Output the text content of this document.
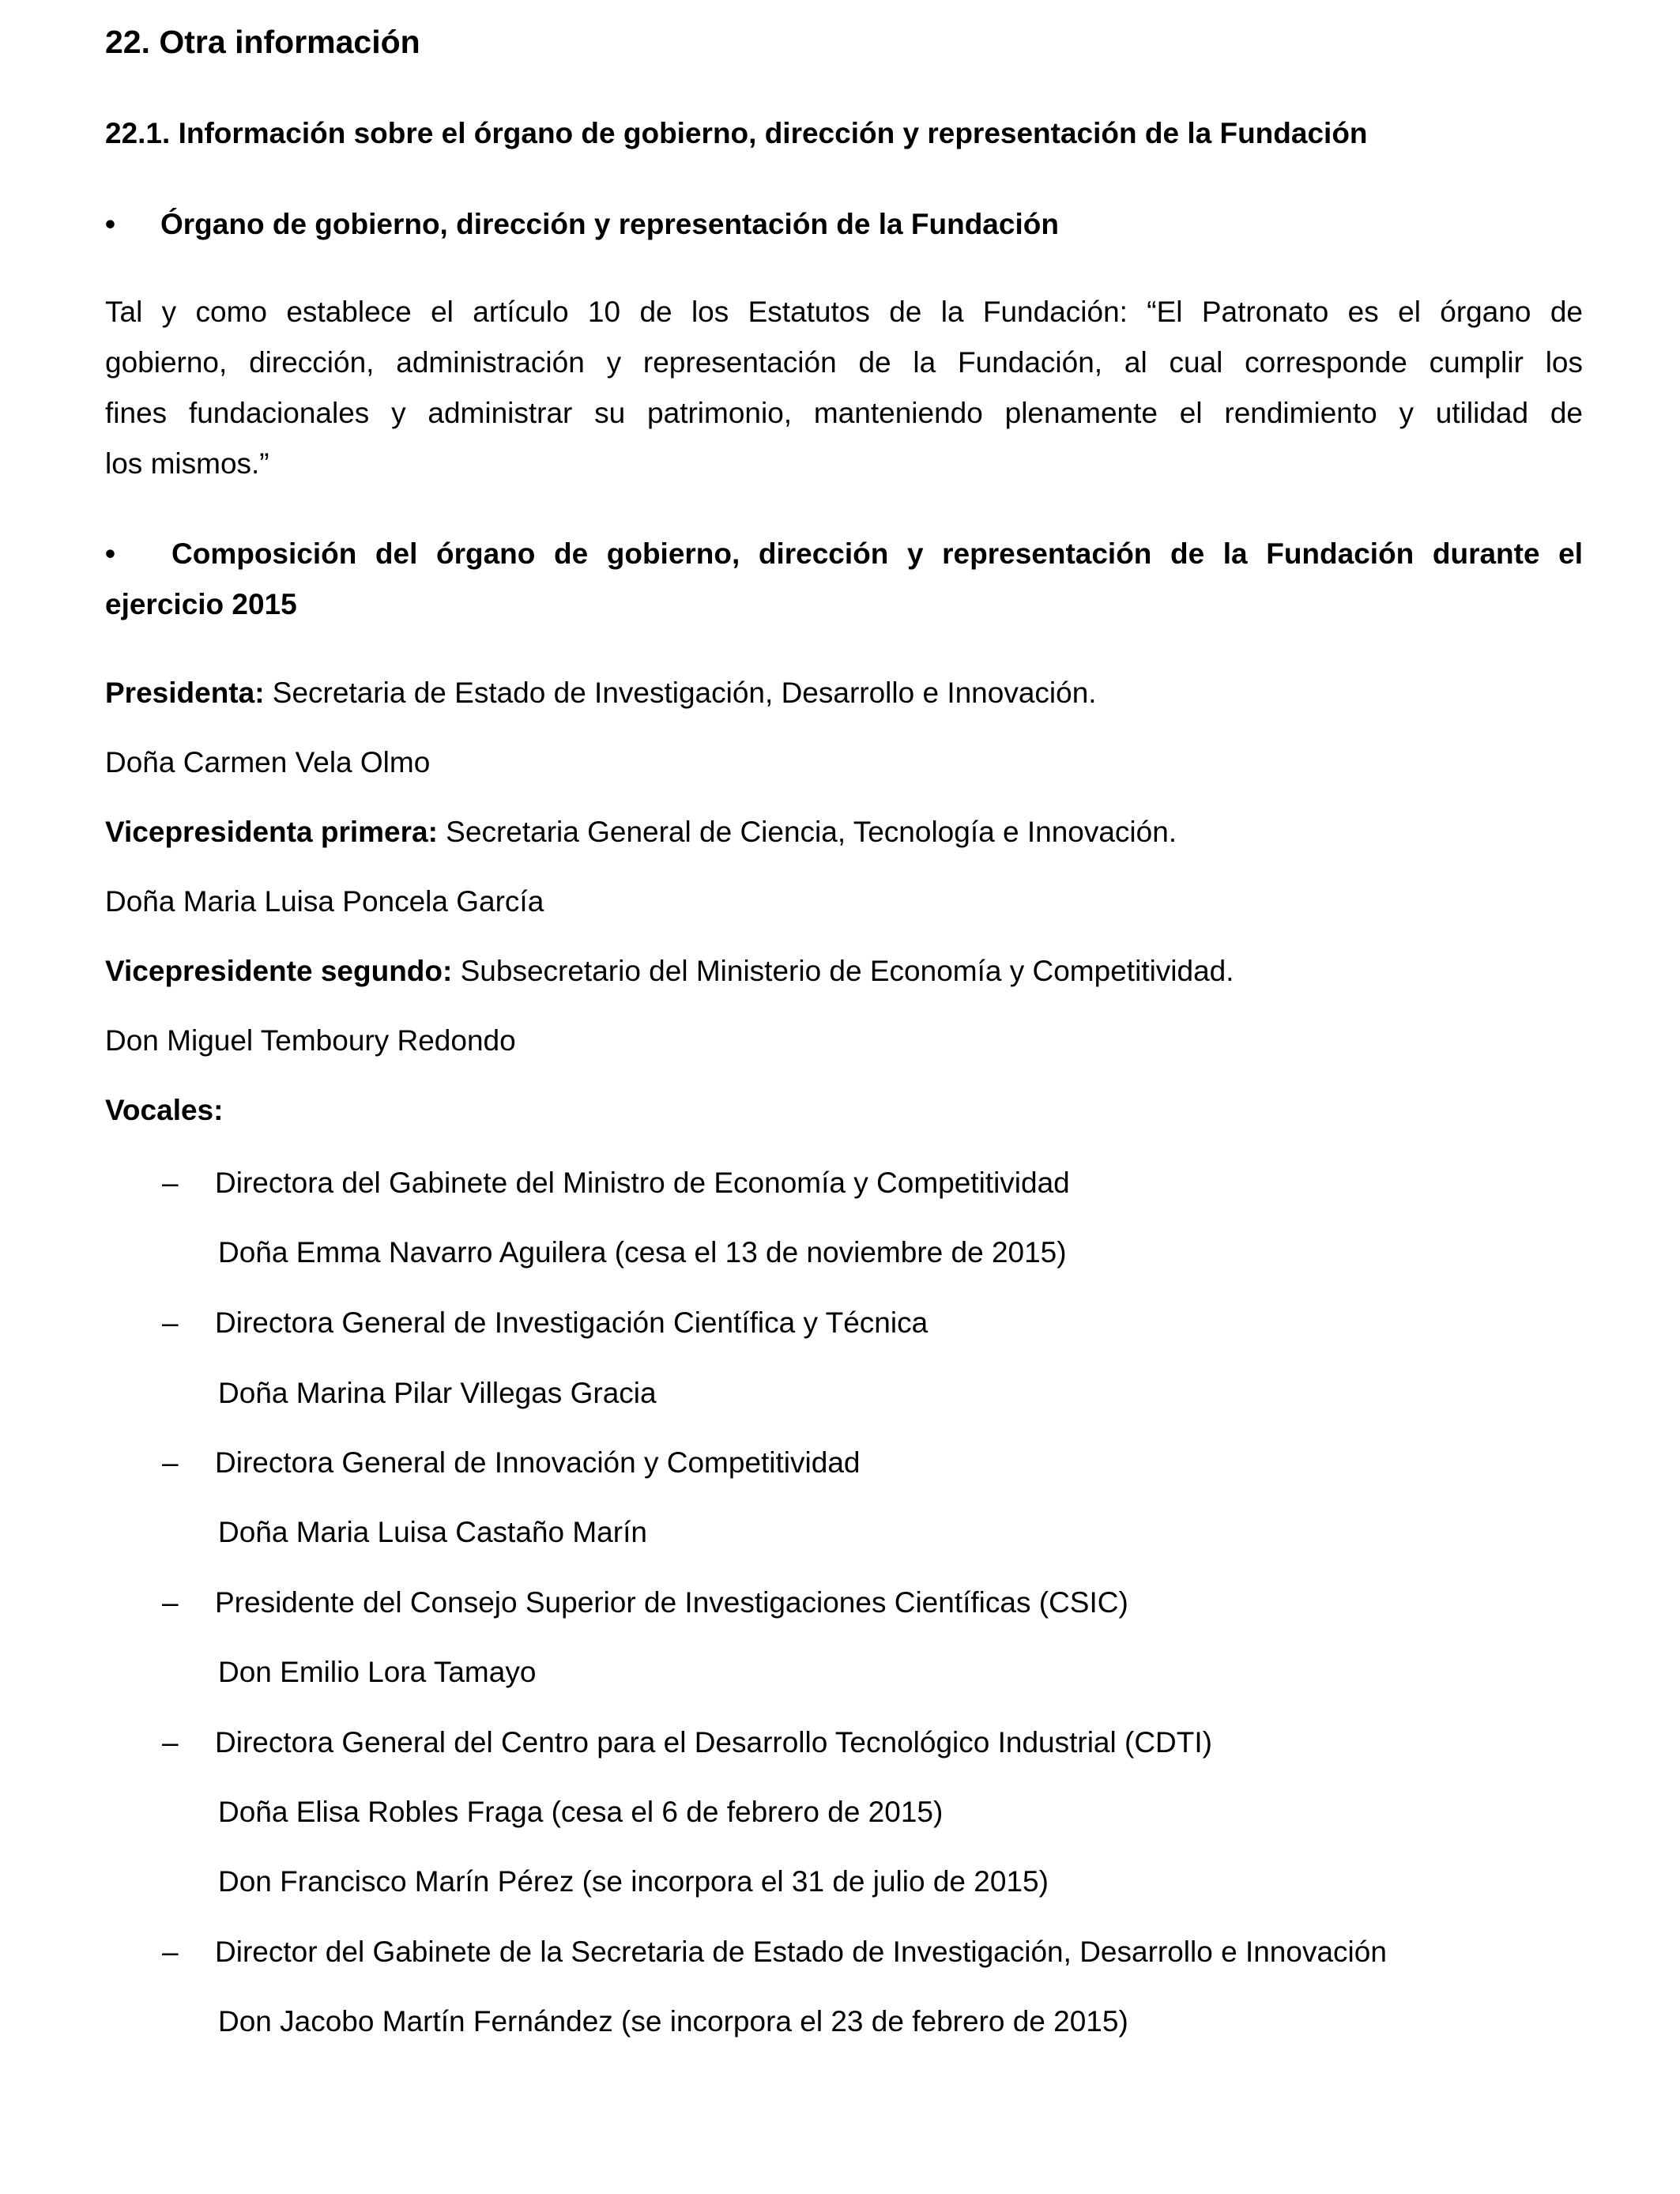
22. Otra información
22.1. Información sobre el órgano de gobierno, dirección y representación de la Fundación
• Órgano de gobierno, dirección y representación de la Fundación
Tal y como establece el artículo 10 de los Estatutos de la Fundación: “El Patronato es el órgano de
gobierno, dirección, administración y representación de la Fundación, al cual corresponde cumplir los
fines fundacionales y administrar su patrimonio, manteniendo plenamente el rendimiento y utilidad de
los mismos.”
• Composición del órgano de gobierno, dirección y representación de la Fundación durante el
ejercicio 2015
Presidenta: Secretaria de Estado de Investigación, Desarrollo e Innovación.
Doña Carmen Vela Olmo
Vicepresidenta primera: Secretaria General de Ciencia, Tecnología e Innovación.
Doña Maria Luisa Poncela García
Vicepresidente segundo: Subsecretario del Ministerio de Economía y Competitividad.
Don Miguel Temboury Redondo
Vocales:
– Directora del Gabinete del Ministro de Economía y Competitividad
Doña Emma Navarro Aguilera (cesa el 13 de noviembre de 2015)
– Directora General de Investigación Científica y Técnica
Doña Marina Pilar Villegas Gracia
– Directora General de Innovación y Competitividad
Doña Maria Luisa Castaño Marín
– Presidente del Consejo Superior de Investigaciones Científicas (CSIC)
Don Emilio Lora Tamayo
– Directora General del Centro para el Desarrollo Tecnológico Industrial (CDTI)
Doña Elisa Robles Fraga (cesa el 6 de febrero de 2015)
Don Francisco Marín Pérez (se incorpora el 31 de julio de 2015)
– Director del Gabinete de la Secretaria de Estado de Investigación, Desarrollo e Innovación
Don Jacobo Martín Fernández (se incorpora el 23 de febrero de 2015)
